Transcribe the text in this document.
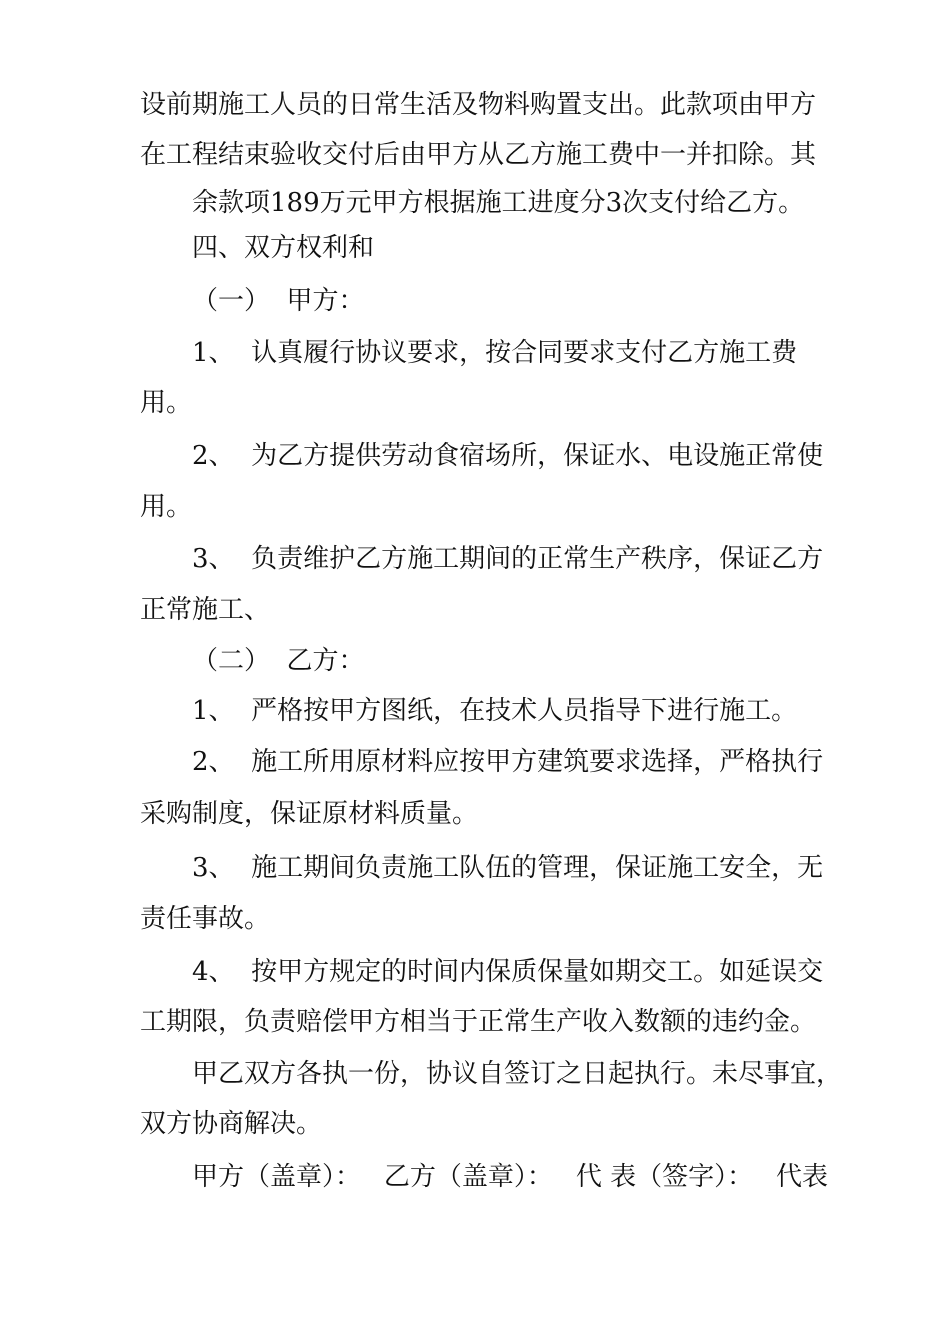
设前期施工人员的日常生活及物料购置支出。此款项由甲方
在工程结束验收交付后由甲方从乙方施工费中一并扣除。其
余款项189万元甲方根据施工进度分3次支付给乙方。
四、双方权利和
（一）  甲方：
1、  认真履行协议要求，按合同要求支付乙方施工费
用。
2、  为乙方提供劳动食宿场所，保证水、电设施正常使
用。
3、  负责维护乙方施工期间的正常生产秩序，保证乙方
正常施工、
（二）  乙方：
1、  严格按甲方图纸，在技术人员指导下进行施工。
2、  施工所用原材料应按甲方建筑要求选择，严格执行
采购制度，保证原材料质量。
3、  施工期间负责施工队伍的管理，保证施工安全，无
责任事故。
4、  按甲方规定的时间内保质保量如期交工。如延误交
工期限，负责赔偿甲方相当于正常生产收入数额的违约金。
甲乙双方各执一份，协议自签订之日起执行。未尽事宜，
双方协商解决。
甲方（盖章）： 乙方（盖章）： 代 表（签字）： 代表
